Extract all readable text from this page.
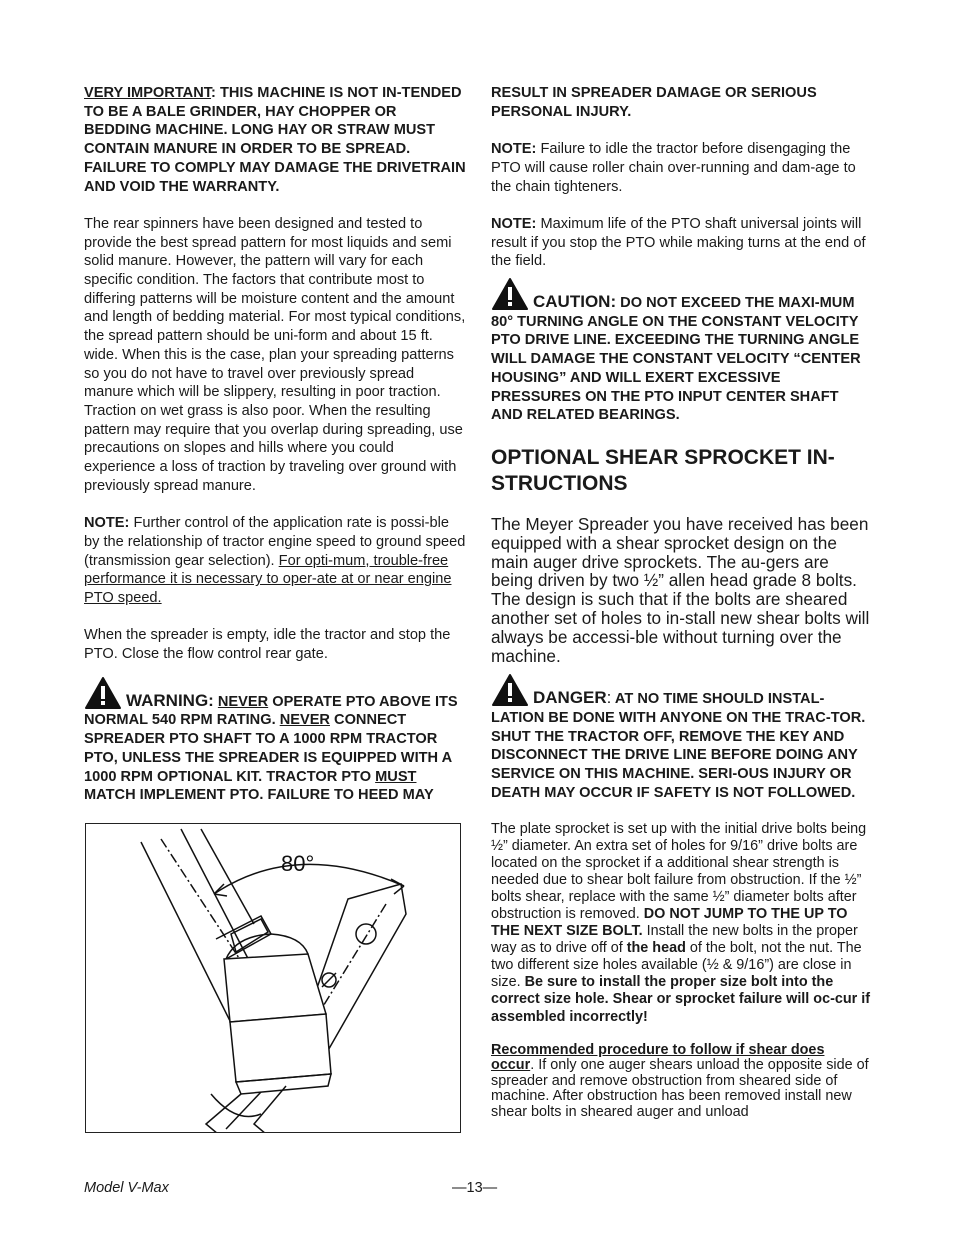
VERY IMPORTANT: THIS MACHINE IS NOT IN-TENDED TO BE A BALE GRINDER, HAY CHOPPER OR BEDDING MACHINE. LONG HAY OR STRAW MUST CONTAIN MANURE IN ORDER TO BE SPREAD. FAILURE TO COMPLY MAY DAMAGE THE DRIVETRAIN AND VOID THE WARRANTY.

The rear spinners have been designed and tested to provide the best spread pattern for most liquids and semi solid manure. However, the pattern will vary for each specific condition. The factors that contribute most to differing patterns will be moisture content and the amount and length of bedding material. For most typical conditions, the spread pattern should be uni-form and about 15 ft. wide. When this is the case, plan your spreading patterns so you do not have to travel over previously spread manure which will be slippery, resulting in poor traction. Traction on wet grass is also poor. When the resulting pattern may require that you overlap during spreading, use precautions on slopes and hills where you could experience a loss of traction by traveling over ground with previously spread manure.

NOTE: Further control of the application rate is possi-ble by the relationship of tractor engine speed to ground speed (transmission gear selection). For opti-mum, trouble-free performance it is necessary to oper-ate at or near engine PTO speed.

When the spreader is empty, idle the tractor and stop the PTO. Close the flow control rear gate.

WARNING: NEVER OPERATE PTO ABOVE ITS NORMAL 540 RPM RATING. NEVER CONNECT SPREADER PTO SHAFT TO A 1000 RPM TRACTOR PTO, UNLESS THE SPREADER IS EQUIPPED WITH A 1000 RPM OPTIONAL KIT. TRACTOR PTO MUST MATCH IMPLEMENT PTO. FAILURE TO HEED MAY

80°

RESULT IN SPREADER DAMAGE OR SERIOUS PERSONAL INJURY.

NOTE: Failure to idle the tractor before disengaging the PTO will cause roller chain over-running and dam-age to the chain tighteners.

NOTE: Maximum life of the PTO shaft universal joints will result if you stop the PTO while making turns at the end of the field.

CAUTION: DO NOT EXCEED THE MAXI-MUM 80° TURNING ANGLE ON THE CONSTANT VELOCITY PTO DRIVE LINE. EXCEEDING THE TURNING ANGLE WILL DAMAGE THE CONSTANT VELOCITY “CENTER HOUSING” AND WILL EXERT EXCESSIVE PRESSURES ON THE PTO INPUT CENTER SHAFT AND RELATED BEARINGS.

OPTIONAL SHEAR SPROCKET IN-STRUCTIONS

The Meyer Spreader you have received has been equipped with a shear sprocket design on the main auger drive sprockets. The au-gers are being driven by two ½” allen head grade 8 bolts. The design is such that if the bolts are sheared another set of holes to in-stall new shear bolts will always be accessi-ble without turning over the machine.

DANGER: AT NO TIME SHOULD INSTAL-LATION BE DONE WITH ANYONE ON THE TRAC-TOR. SHUT THE TRACTOR OFF, REMOVE THE KEY AND DISCONNECT THE DRIVE LINE BEFORE DOING ANY SERVICE ON THIS MACHINE. SERI-OUS INJURY OR DEATH MAY OCCUR IF SAFETY IS NOT FOLLOWED.

The plate sprocket is set up with the initial drive bolts being ½” diameter. An extra set of holes for 9/16” drive bolts are located on the sprocket if a additional shear strength is needed due to shear bolt failure from obstruction. If the ½” bolts shear, replace with the same ½” diameter bolts after obstruction is removed. DO NOT JUMP TO THE UP TO THE NEXT SIZE BOLT. Install the new bolts in the proper way as to drive off of the head of the bolt, not the nut. The two different size holes available (½ & 9/16”) are close in size. Be sure to install the proper size bolt into the correct size hole. Shear or sprocket failure will oc-cur if assembled incorrectly!

Recommended procedure to follow if shear does occur. If only one auger shears unload the opposite side of spreader and remove obstruction from sheared side of machine. After obstruction has been removed install new shear bolts in sheared auger and unload

Model V-Max	—13—
